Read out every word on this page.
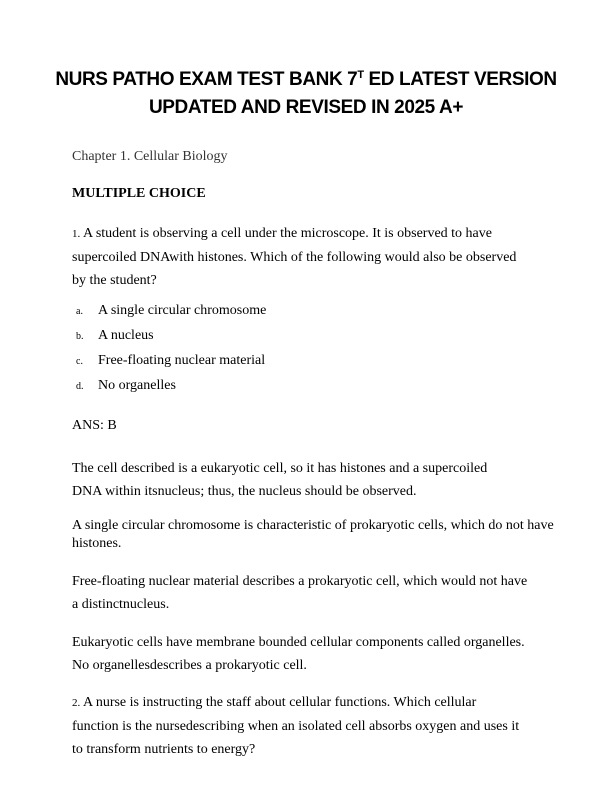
NURS PATHO EXAM TEST BANK $7^T$ ED LATEST VERSION
UPDATED AND REVISED IN 2025 A+
Chapter 1. Cellular Biology
MULTIPLE CHOICE
1. A student is observing a cell under the microscope. It is observed to have
supercoiled DNAwith histones. Which of the following would also be observed
by the student?
a.	A single circular chromosome
b.	A nucleus
c.	Free-floating nuclear material
d.	No organelles
ANS: B
The cell described is a eukaryotic cell, so it has histones and a supercoiled
DNA within itsnucleus; thus, the nucleus should be observed.
A single circular chromosome is characteristic of prokaryotic cells, which do not have
histones.
Free-floating nuclear material describes a prokaryotic cell, which would not have
a distinctnucleus.
Eukaryotic cells have membrane bounded cellular components called organelles.
No organellesdescribes a prokaryotic cell.
2. A nurse is instructing the staff about cellular functions. Which cellular
function is the nursedescribing when an isolated cell absorbs oxygen and uses it
to transform nutrients to energy?
